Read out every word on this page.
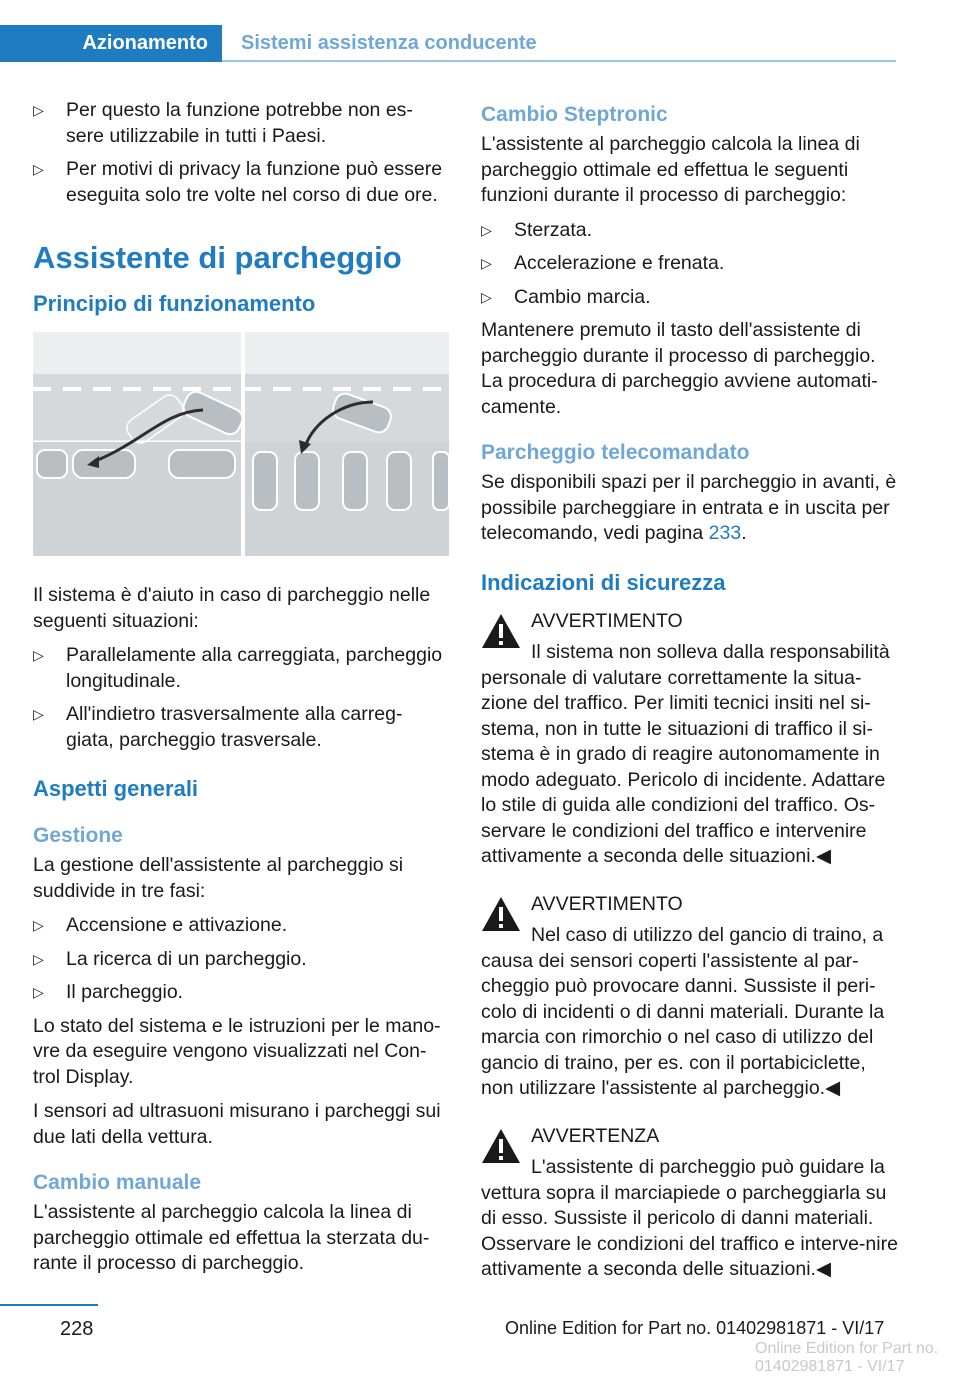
Azionamento	Sistemi assistenza conducente
▷ Per questo la funzione potrebbe non es‐sere utilizzabile in tutti i Paesi.
▷ Per motivi di privacy la funzione può essere eseguita solo tre volte nel corso di due ore.
Assistente di parcheggio
Principio di funzionamento

Il sistema è d'aiuto in caso di parcheggio nelle seguenti situazioni:

▷ Parallelamente alla carreggiata, parcheggio longitudinale.
▷ All'indietro trasversalmente alla carreg‐giata, parcheggio trasversale.
Aspetti generali
Gestione

La gestione dell'assistente al parcheggio si suddivide in tre fasi:

▷ Accensione e attivazione.
▷ La ricerca di un parcheggio.
▷ Il parcheggio.

Lo stato del sistema e le istruzioni per le mano‐vre da eseguire vengono visualizzati nel Con‐trol Display.

I sensori ad ultrasuoni misurano i parcheggi sui due lati della vettura.

Cambio manuale

L'assistente al parcheggio calcola la linea di parcheggio ottimale ed effettua la sterzata du‐rante il processo di parcheggio.

Cambio Steptronic

L'assistente al parcheggio calcola la linea di parcheggio ottimale ed effettua le seguenti funzioni durante il processo di parcheggio:

▷ Sterzata.
▷ Accelerazione e frenata.
▷ Cambio marcia.

Mantenere premuto il tasto dell'assistente di parcheggio durante il processo di parcheggio. La procedura di parcheggio avviene automati‐camente.

Parcheggio telecomandato

Se disponibili spazi per il parcheggio in avanti, è possibile parcheggiare in entrata e in uscita per telecomando, vedi pagina 233.

Indicazioni di sicurezza
AVVERTIMENTO

Il sistema non solleva dalla responsabilità personale di valutare correttamente la situa‐zione del traffico. Per limiti tecnici insiti nel si‐stema, non in tutte le situazioni di traffico il si‐stema è in grado di reagire autonomamente in modo adeguato. Pericolo di incidente. Adattare lo stile di guida alle condizioni del traffico. Os‐servare le condizioni del traffico e intervenire attivamente a seconda delle situazioni.◀

AVVERTIMENTO

Nel caso di utilizzo del gancio di traino, a causa dei sensori coperti l'assistente al par‐cheggio può provocare danni. Sussiste il peri‐colo di incidenti o di danni materiali. Durante la marcia con rimorchio o nel caso di utilizzo del gancio di traino, per es. con il portabiciclette, non utilizzare l'assistente al parcheggio.◀

AVVERTENZA

L'assistente di parcheggio può guidare la vettura sopra il marciapiede o parcheggiarla su di esso. Sussiste il pericolo di danni materiali. Osservare le condizioni del traffico e interve‐nire attivamente a seconda delle situazioni.◀

228	Online Edition for Part no. 01402981871 - VI/17
Online Edition for Part no. 01402981871 - VI/17
